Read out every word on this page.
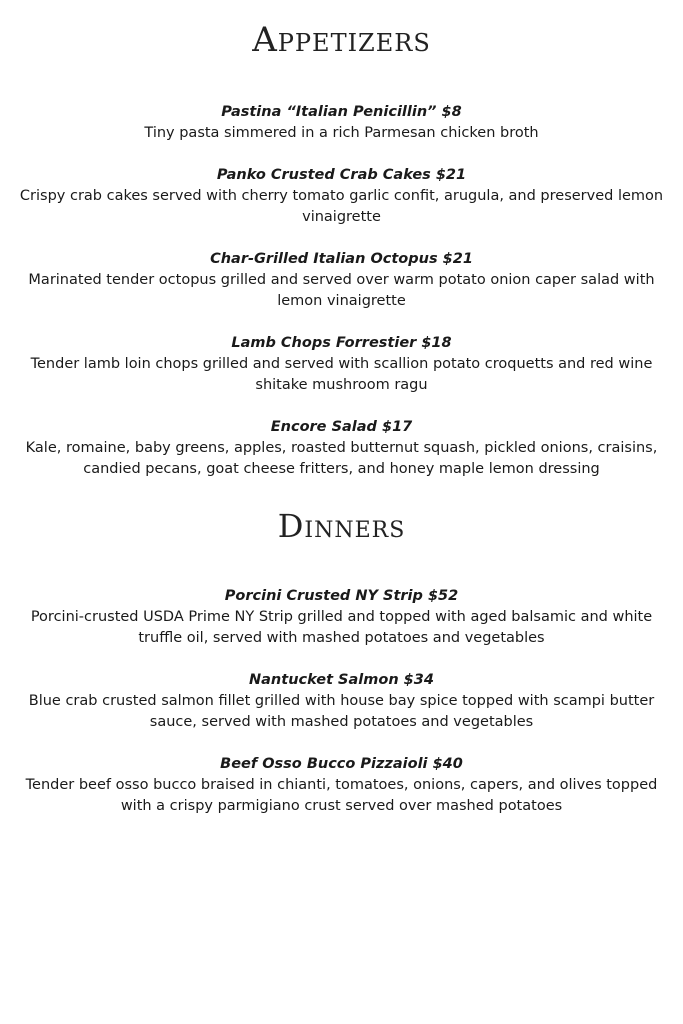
Appetizers
Pastina “Italian Penicillin” $8
Tiny pasta simmered in a rich Parmesan chicken broth
Panko Crusted Crab Cakes $21
Crispy crab cakes served with cherry tomato garlic confit, arugula, and preserved lemon vinaigrette
Char-Grilled Italian Octopus $21
Marinated tender octopus grilled and served over warm potato onion caper salad with lemon vinaigrette
Lamb Chops Forrestier $18
Tender lamb loin chops grilled and served with scallion potato croquetts and red wine shitake mushroom ragu
Encore Salad $17
Kale, romaine, baby greens, apples, roasted butternut squash, pickled onions, craisins, candied pecans, goat cheese fritters, and honey maple lemon dressing
Dinners
Porcini Crusted NY Strip $52
Porcini-crusted USDA Prime NY Strip grilled and topped with aged balsamic and white truffle oil, served with mashed potatoes and vegetables
Nantucket Salmon $34
Blue crab crusted salmon fillet grilled with house bay spice topped with scampi butter sauce, served with mashed potatoes and vegetables
Beef Osso Bucco Pizzaioli $40
Tender beef osso bucco braised in chianti, tomatoes, onions, capers, and olives topped with a crispy parmigiano crust served over mashed potatoes
